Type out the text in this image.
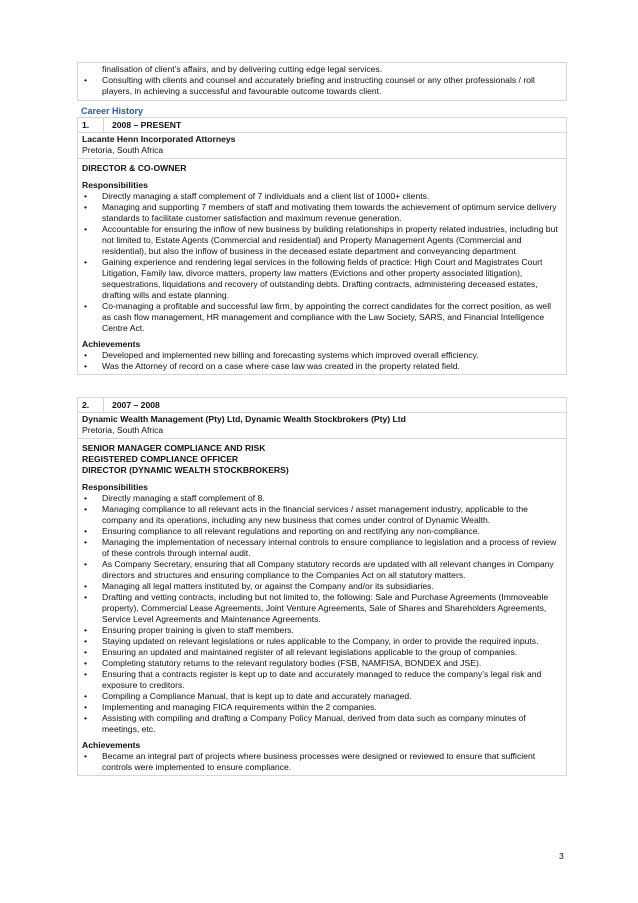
finalisation of client’s affairs, and by delivering cutting edge legal services.
• Consulting with clients and counsel and accurately briefing and instructing counsel or any other professionals / roll players, in achieving a successful and favourable outcome towards client.
Career History
1.	2008 – PRESENT
Lacante Henn Incorporated Attorneys
Pretoria, South Africa
DIRECTOR & CO-OWNER
Responsibilities
• Directly managing a staff complement of 7 individuals and a client list of 1000+ clients.
• Managing and supporting 7 members of staff and motivating them towards the achievement of optimum service delivery standards to facilitate customer satisfaction and maximum revenue generation.
• Accountable for ensuring the inflow of new business by building relationships in property related industries, including but not limited to, Estate Agents (Commercial and residential) and Property Management Agents (Commercial and residential), but also the inflow of business in the deceased estate department and conveyancing department
• Gaining experience and rendering legal services in the following fields of practice: High Court and Magistrates Court Litigation, Family law, divorce matters, property law matters (Evictions and other property associated litigation), sequestrations, liquidations and recovery of outstanding debts. Drafting contracts, administering deceased estates, drafting wills and estate planning.
• Co-managing a profitable and successful law firm, by appointing the correct candidates for the correct position, as well as cash flow management, HR management and compliance with the Law Society, SARS, and Financial Intelligence Centre Act.
Achievements
• Developed and implemented new billing and forecasting systems which improved overall efficiency.
• Was the Attorney of record on a case where case law was created in the property related field.
2.	2007 – 2008
Dynamic Wealth Management (Pty) Ltd, Dynamic Wealth Stockbrokers (Pty) Ltd
Pretoria, South Africa
SENIOR MANAGER COMPLIANCE AND RISK
REGISTERED COMPLIANCE OFFICER
DIRECTOR (DYNAMIC WEALTH STOCKBROKERS)
Responsibilities
• Directly managing a staff complement of 8.
• Managing compliance to all relevant acts in the financial services / asset management industry, applicable to the company and its operations, including any new business that comes under control of Dynamic Wealth.
• Ensuring compliance to all relevant regulations and reporting on and rectifying any non-compliance.
• Managing the implementation of necessary internal controls to ensure compliance to legislation and a process of review of these controls through internal audit.
• As Company Secretary, ensuring that all Company statutory records are updated with all relevant changes in Company directors and structures and ensuring compliance to the Companies Act on all statutory matters.
• Managing all legal matters instituted by, or against the Company and/or its subsidiaries.
• Drafting and vetting contracts, including but not limited to, the following: Sale and Purchase Agreements (Immoveable property), Commercial Lease Agreements, Joint Venture Agreements, Sale of Shares and Shareholders Agreements, Service Level Agreements and Maintenance Agreements.
• Ensuring proper training is given to staff members.
• Staying updated on relevant legislations or rules applicable to the Company, in order to provide the required inputs.
• Ensuring an updated and maintained register of all relevant legislations applicable to the group of companies.
• Completing statutory returns to the relevant regulatory bodies (FSB, NAMFISA, BONDEX and JSE).
• Ensuring that a contracts register is kept up to date and accurately managed to reduce the company’s legal risk and exposure to creditors.
• Compiling a Compliance Manual, that is kept up to date and accurately managed.
• Implementing and managing FICA requirements within the 2 companies.
• Assisting with compiling and drafting a Company Policy Manual, derived from data such as company minutes of meetings, etc.
Achievements
• Became an integral part of projects where business processes were designed or reviewed to ensure that sufficient controls were implemented to ensure compliance.
3
